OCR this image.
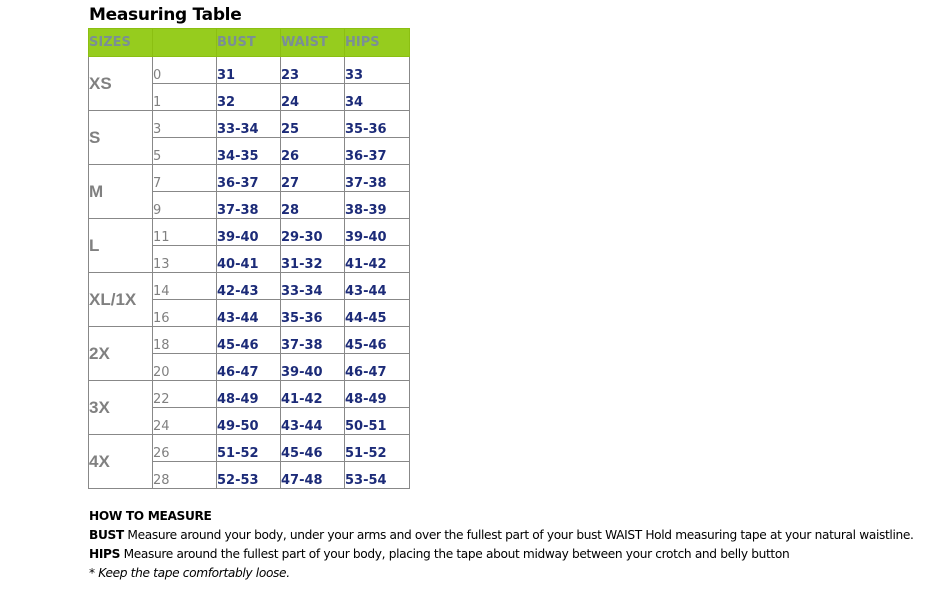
Measuring Table
SIZES		BUST	WAIST	HIPS
XS	0	31	23	33
	1	32	24	34
S	3	33-34	25	35-36
	5	34-35	26	36-37
M	7	36-37	27	37-38
	9	37-38	28	38-39
L	11	39-40	29-30	39-40
	13	40-41	31-32	41-42
XL/1X	14	42-43	33-34	43-44
	16	43-44	35-36	44-45
2X	18	45-46	37-38	45-46
	20	46-47	39-40	46-47
3X	22	48-49	41-42	48-49
	24	49-50	43-44	50-51
4X	26	51-52	45-46	51-52
	28	52-53	47-48	53-54
HOW TO MEASURE
BUST Measure around your body, under your arms and over the fullest part of your bust WAIST Hold measuring tape at your natural waistline.
HIPS Measure around the fullest part of your body, placing the tape about midway between your crotch and belly button
* Keep the tape comfortably loose.
